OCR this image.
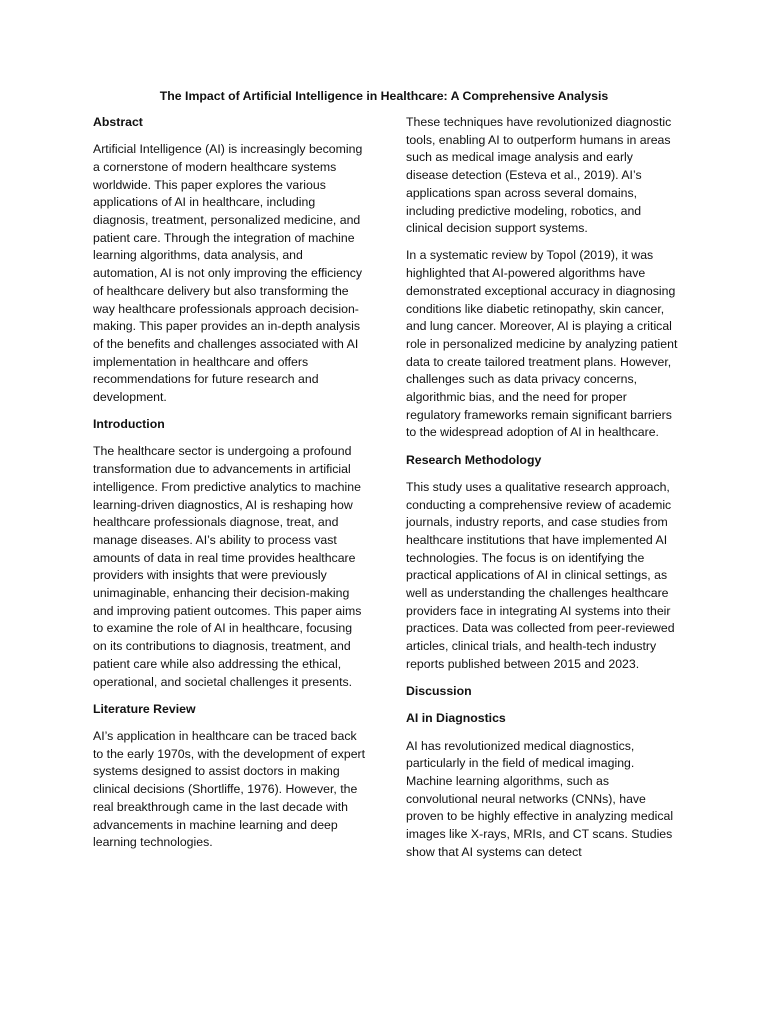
The Impact of Artificial Intelligence in Healthcare: A Comprehensive Analysis

Abstract

Artificial Intelligence (AI) is increasingly becoming a cornerstone of modern healthcare systems worldwide. This paper explores the various applications of AI in healthcare, including diagnosis, treatment, personalized medicine, and patient care. Through the integration of machine learning algorithms, data analysis, and automation, AI is not only improving the efficiency of healthcare delivery but also transforming the way healthcare professionals approach decision-making. This paper provides an in-depth analysis of the benefits and challenges associated with AI implementation in healthcare and offers recommendations for future research and development.

Introduction

The healthcare sector is undergoing a profound transformation due to advancements in artificial intelligence. From predictive analytics to machine learning-driven diagnostics, AI is reshaping how healthcare professionals diagnose, treat, and manage diseases. AI’s ability to process vast amounts of data in real time provides healthcare providers with insights that were previously unimaginable, enhancing their decision-making and improving patient outcomes. This paper aims to examine the role of AI in healthcare, focusing on its contributions to diagnosis, treatment, and patient care while also addressing the ethical, operational, and societal challenges it presents.

Literature Review

AI’s application in healthcare can be traced back to the early 1970s, with the development of expert systems designed to assist doctors in making clinical decisions (Shortliffe, 1976). However, the real breakthrough came in the last decade with advancements in machine learning and deep learning technologies.

These techniques have revolutionized diagnostic tools, enabling AI to outperform humans in areas such as medical image analysis and early disease detection (Esteva et al., 2019). AI’s applications span across several domains, including predictive modeling, robotics, and clinical decision support systems.

In a systematic review by Topol (2019), it was highlighted that AI-powered algorithms have demonstrated exceptional accuracy in diagnosing conditions like diabetic retinopathy, skin cancer, and lung cancer. Moreover, AI is playing a critical role in personalized medicine by analyzing patient data to create tailored treatment plans. However, challenges such as data privacy concerns, algorithmic bias, and the need for proper regulatory frameworks remain significant barriers to the widespread adoption of AI in healthcare.

Research Methodology

This study uses a qualitative research approach, conducting a comprehensive review of academic journals, industry reports, and case studies from healthcare institutions that have implemented AI technologies. The focus is on identifying the practical applications of AI in clinical settings, as well as understanding the challenges healthcare providers face in integrating AI systems into their practices. Data was collected from peer-reviewed articles, clinical trials, and health-tech industry reports published between 2015 and 2023.

Discussion

AI in Diagnostics

AI has revolutionized medical diagnostics, particularly in the field of medical imaging. Machine learning algorithms, such as convolutional neural networks (CNNs), have proven to be highly effective in analyzing medical images like X-rays, MRIs, and CT scans. Studies show that AI systems can detect
